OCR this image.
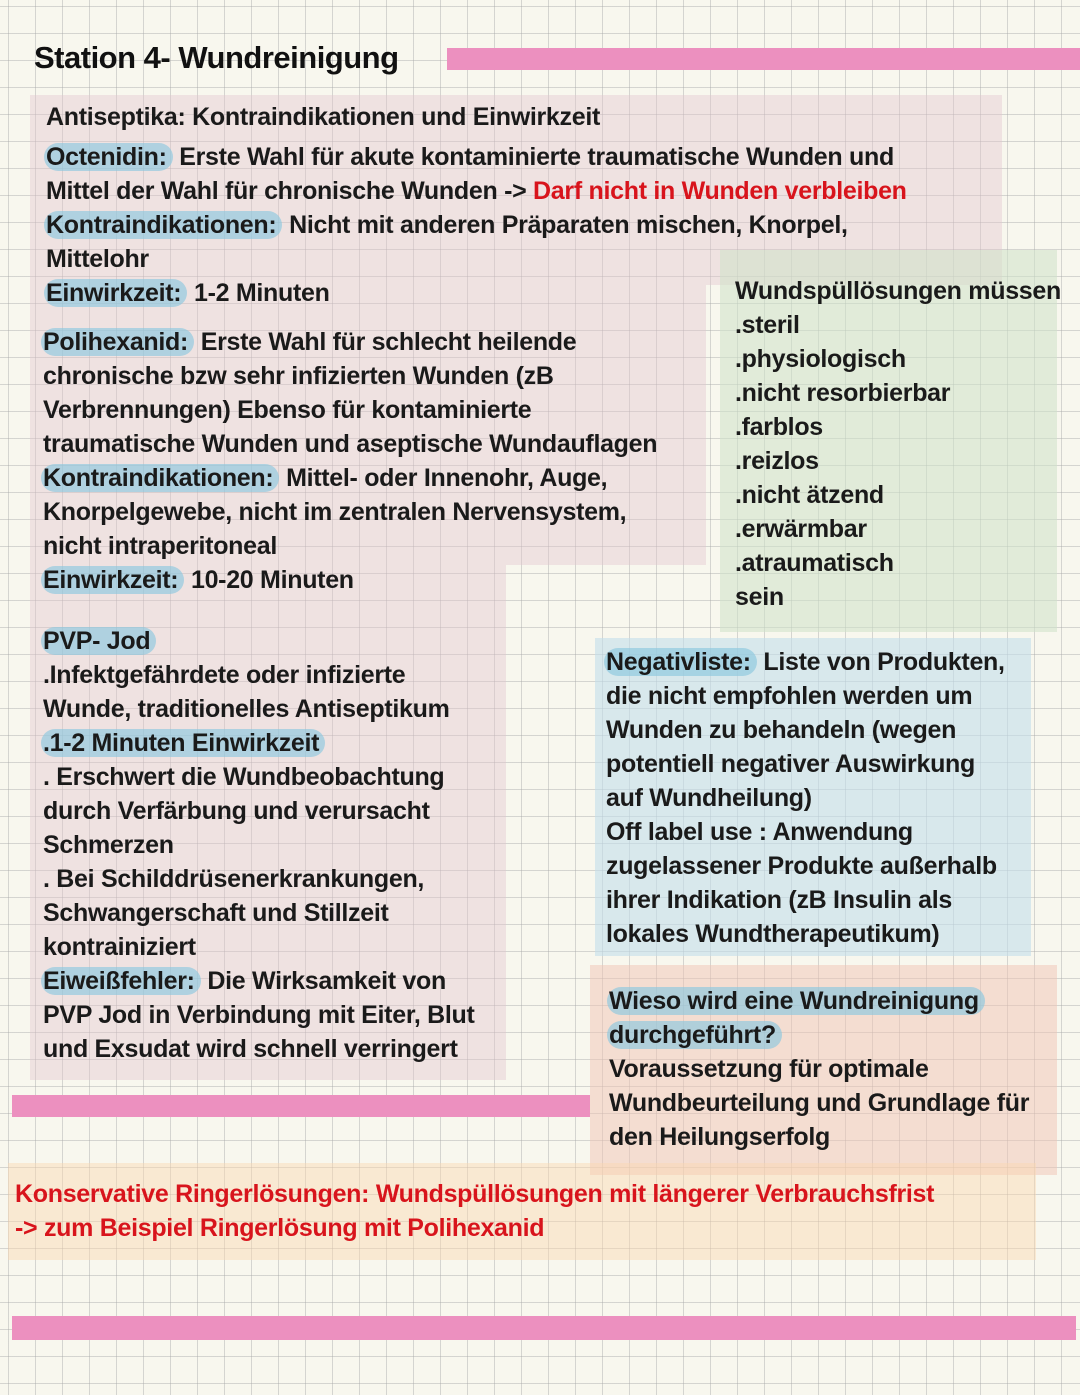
Station 4- Wundreinigung
Antiseptika: Kontraindikationen und Einwirkzeit
Octenidin: Erste Wahl für akute kontaminierte traumatische Wunden und
Mittel der Wahl für chronische Wunden -> Darf nicht in Wunden verbleiben
Kontraindikationen: Nicht mit anderen Präparaten mischen, Knorpel,
Mittelohr
Einwirkzeit: 1-2 Minuten
Polihexanid: Erste Wahl für schlecht heilende
chronische bzw sehr infizierten Wunden (zB
Verbrennungen) Ebenso für kontaminierte
traumatische Wunden und aseptische Wundauflagen
Kontraindikationen: Mittel- oder Innenohr, Auge,
Knorpelgewebe, nicht im zentralen Nervensystem,
nicht intraperitoneal
Einwirkzeit: 10-20 Minuten
PVP- Jod
.Infektgefährdete oder infizierte
Wunde, traditionelles Antiseptikum
.1-2 Minuten Einwirkzeit
. Erschwert die Wundbeobachtung
durch Verfärbung und verursacht
Schmerzen
. Bei Schilddrüsenerkrankungen,
Schwangerschaft und Stillzeit
kontrainiziert
Eiweißfehler: Die Wirksamkeit von
PVP Jod in Verbindung mit Eiter, Blut
und Exsudat wird schnell verringert
Wundspüllösungen müssen
.steril
.physiologisch
.nicht resorbierbar
.farblos
.reizlos
.nicht ätzend
.erwärmbar
.atraumatisch
sein
Negativliste: Liste von Produkten,
die nicht empfohlen werden um
Wunden zu behandeln (wegen
potentiell negativer Auswirkung
auf Wundheilung)
Off label use : Anwendung
zugelassener Produkte außerhalb
ihrer Indikation (zB Insulin als
lokales Wundtherapeutikum)
Wieso wird eine Wundreinigung
durchgeführt?
Voraussetzung für optimale
Wundbeurteilung und Grundlage für
den Heilungserfolg
Konservative Ringerlösungen: Wundspüllösungen mit längerer Verbrauchsfrist
-> zum Beispiel Ringerlösung mit Polihexanid
